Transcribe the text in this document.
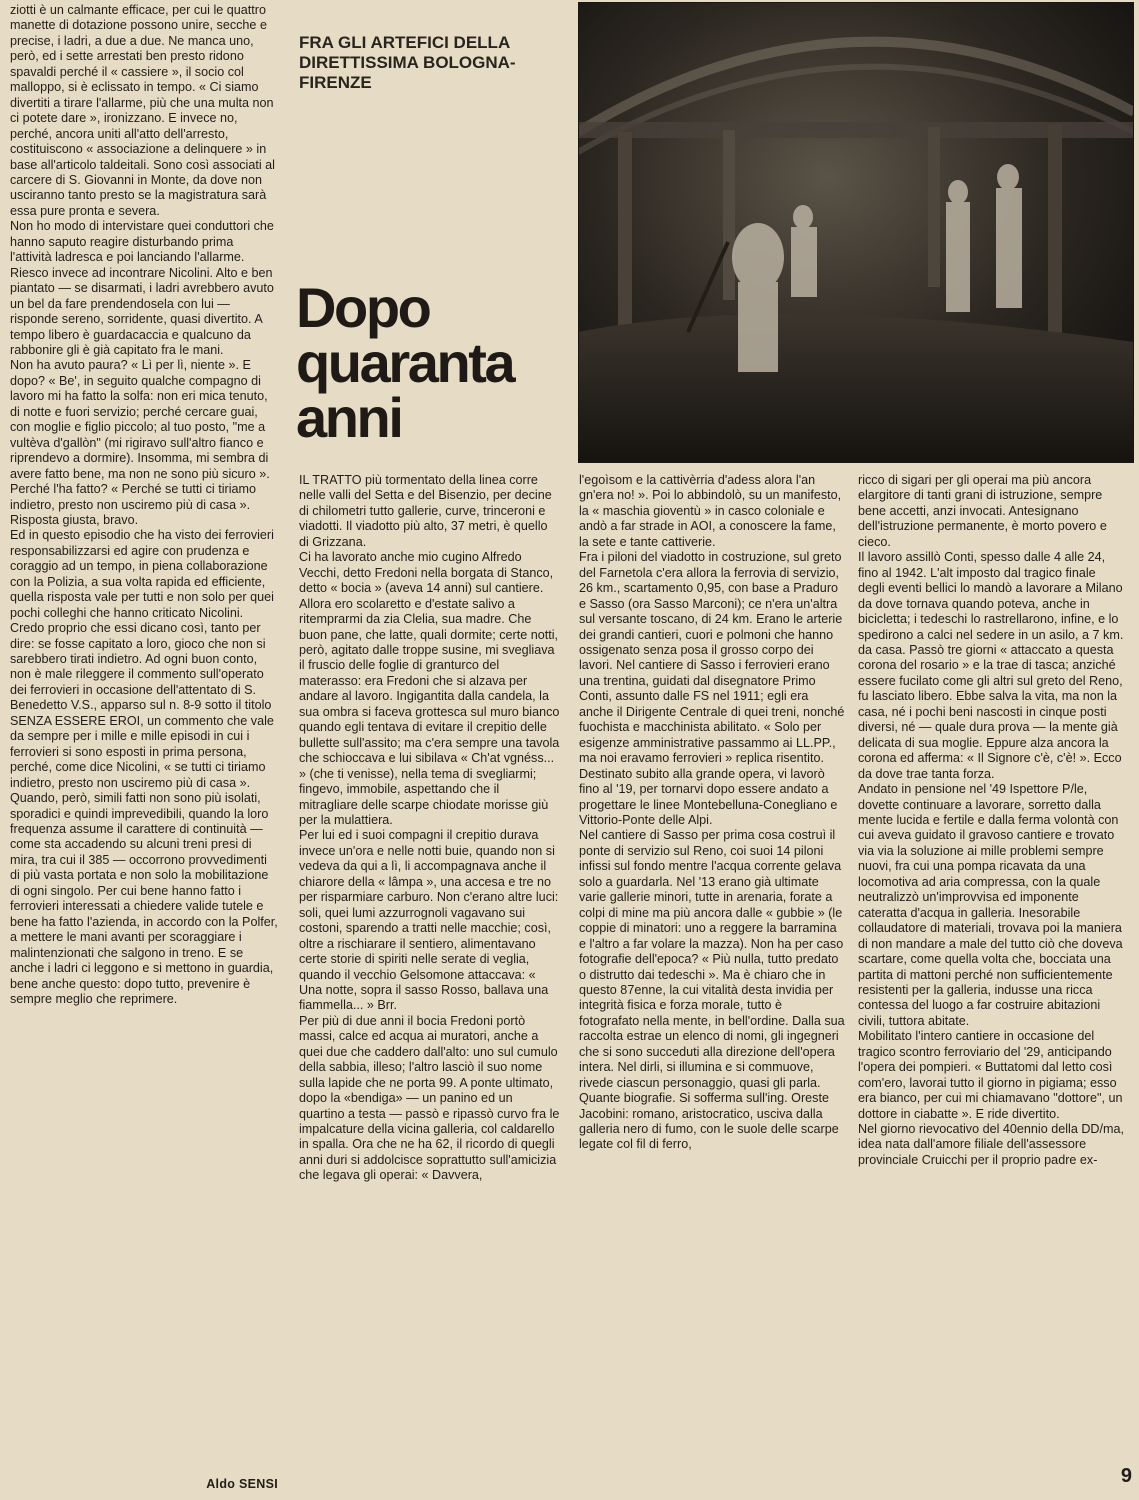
ziotti è un calmante efficace, per cui le quattro manette di dotazione possono unire, secche e precise, i ladri, a due a due. Ne manca uno, però, ed i sette arrestati ben presto ridono spavaldi perché il « cassiere », il socio col malloppo, si è eclissato in tempo. « Ci siamo divertiti a tirare l'allarme, più che una multa non ci potete dare », ironizzano. E invece no, perché, ancora uniti all'atto dell'arresto, costituiscono « associazione a delinquere » in base all'articolo taldeitali. Sono così associati al carcere di S. Giovanni in Monte, da dove non usciranno tanto presto se la magistratura sarà essa pure pronta e severa.
Non ho modo di intervistare quei conduttori che hanno saputo reagire disturbando prima l'attività ladresca e poi lanciando l'allarme. Riesco invece ad incontrare Nicolini. Alto e ben piantato — se disarmati, i ladri avrebbero avuto un bel da fare prendendosela con lui — risponde sereno, sorridente, quasi divertito. A tempo libero è guardacaccia e qualcuno da rabbonire gli è già capitato fra le mani.
Non ha avuto paura? « Lì per lì, niente ». E dopo? « Be', in seguito qualche compagno di lavoro mi ha fatto la solfa: non eri mica tenuto, di notte e fuori servizio; perché cercare guai, con moglie e figlio piccolo; al tuo posto, "me a vultèva d'gallòn" (mi rigiravo sull'altro fianco e riprendevo a dormire). Insomma, mi sembra di avere fatto bene, ma non ne sono più sicuro ». Perché l'ha fatto? « Perché se tutti ci tiriamo indietro, presto non usciremo più di casa ». Risposta giusta, bravo.
Ed in questo episodio che ha visto dei ferrovieri responsabilizzarsi ed agire con prudenza e coraggio ad un tempo, in piena collaborazione con la Polizia, a sua volta rapida ed efficiente, quella risposta vale per tutti e non solo per quei pochi colleghi che hanno criticato Nicolini. Credo proprio che essi dicano così, tanto per dire: se fosse capitato a loro, gioco che non si sarebbero tirati indietro. Ad ogni buon conto, non è male rileggere il commento sull'operato dei ferrovieri in occasione dell'attentato di S. Benedetto V.S., apparso sul n. 8-9 sotto il titolo SENZA ESSERE EROI, un commento che vale da sempre per i mille e mille episodi in cui i ferrovieri si sono esposti in prima persona, perché, come dice Nicolini, « se tutti ci tiriamo indietro, presto non usciremo più di casa ».
Quando, però, simili fatti non sono più isolati, sporadici e quindi imprevedibili, quando la loro frequenza assume il carattere di continuità — come sta accadendo su alcuni treni presi di mira, tra cui il 385 — occorrono provvedimenti di più vasta portata e non solo la mobilitazione di ogni singolo. Per cui bene hanno fatto i ferrovieri interessati a chiedere valide tutele e bene ha fatto l'azienda, in accordo con la Polfer, a mettere le mani avanti per scoraggiare i malintenzionati che salgono in treno. E se anche i ladri ci leggono e si mettono in guardia, bene anche questo: dopo tutto, prevenire è sempre meglio che reprimere.

FRA GLI ARTEFICI DELLA DIRETTISSIMA BOLOGNA-FIRENZE
Dopo quaranta anni

IL TRATTO più tormentato della linea corre nelle valli del Setta e del Bisenzio, per decine di chilometri tutto gallerie, curve, trinceroni e viadotti. Il viadotto più alto, 37 metri, è quello di Grizzana.
Ci ha lavorato anche mio cugino Alfredo Vecchi, detto Fredoni nella borgata di Stanco, detto « bocia » (aveva 14 anni) sul cantiere. Allora ero scolaretto e d'estate salivo a ritemprarmi da zia Clelia, sua madre. Che buon pane, che latte, quali dormite; certe notti, però, agitato dalle troppe susine, mi svegliava il fruscio delle foglie di granturco del materasso: era Fredoni che si alzava per andare al lavoro. Ingigantita dalla candela, la sua ombra si faceva grottesca sul muro bianco quando egli tentava di evitare il crepitio delle bullette sull'assito; ma c'era sempre una tavola che schioccava e lui sibilava « Ch'at vgnéss... » (che ti venisse), nella tema di svegliarmi; fingevo, immobile, aspettando che il mitragliare delle scarpe chiodate morisse giù per la mulattiera.
Per lui ed i suoi compagni il crepitio durava invece un'ora e nelle notti buie, quando non si vedeva da qui a lì, li accompagnava anche il chiarore della « lâmpa », una accesa e tre no per risparmiare carburo. Non c'erano altre luci: soli, quei lumi azzurrognoli vagavano sui costoni, sparendo a tratti nelle macchie; così, oltre a rischiarare il sentiero, alimentavano certe storie di spiriti nelle serate di veglia, quando il vecchio Gelsomone attaccava: « Una notte, sopra il sasso Rosso, ballava una fiammella... » Brr.
Per più di due anni il bocia Fredoni portò massi, calce ed acqua ai muratori, anche a quei due che caddero dall'alto: uno sul cumulo della sabbia, illeso; l'altro lasciò il suo nome sulla lapide che ne porta 99. A ponte ultimato, dopo la «bendiga» — un panino ed un quartino a testa — passò e ripassò curvo fra le impalcature della vicina galleria, col caldarello in spalla. Ora che ne ha 62, il ricordo di quegli anni duri si addolcisce soprattutto sull'amicizia che legava gli operai: « Davvera,

l'egoìsom e la cattivèrria d'adess alora l'an gn'era no! ». Poi lo abbindolò, su un manifesto, la « maschia gioventù » in casco coloniale e andò a far strade in AOI, a conoscere la fame, la sete e tante cattiverie.
Fra i piloni del viadotto in costruzione, sul greto del Farnetola c'era allora la ferrovia di servizio, 26 km., scartamento 0,95, con base a Praduro e Sasso (ora Sasso Marconi); ce n'era un'altra sul versante toscano, di 24 km. Erano le arterie dei grandi cantieri, cuori e polmoni che hanno ossigenato senza posa il grosso corpo dei lavori. Nel cantiere di Sasso i ferrovieri erano una trentina, guidati dal disegnatore Primo Conti, assunto dalle FS nel 1911; egli era anche il Dirigente Centrale di quei treni, nonché fuochista e macchinista abilitato. « Solo per esigenze amministrative passammo ai LL.PP., ma noi eravamo ferrovieri » replica risentito. Destinato subito alla grande opera, vi lavorò fino al '19, per tornarvi dopo essere andato a progettare le linee Montebelluna-Conegliano e Vittorio-Ponte delle Alpi.
Nel cantiere di Sasso per prima cosa costruì il ponte di servizio sul Reno, coi suoi 14 piloni infissi sul fondo mentre l'acqua corrente gelava solo a guardarla. Nel '13 erano già ultimate varie gallerie minori, tutte in arenaria, forate a colpi di mine ma più ancora dalle « gubbie » (le coppie di minatori: uno a reggere la barramina e l'altro a far volare la mazza). Non ha per caso fotografie dell'epoca? « Più nulla, tutto predato o distrutto dai tedeschi ». Ma è chiaro che in questo 87enne, la cui vitalità desta invidia per integrità fisica e forza morale, tutto è fotografato nella mente, in bell'ordine. Dalla sua raccolta estrae un elenco di nomi, gli ingegneri che si sono succeduti alla direzione dell'opera intera. Nel dirli, si illumina e si commuove, rivede ciascun personaggio, quasi gli parla. Quante biografie. Si sofferma sull'ing. Oreste Jacobini: romano, aristocratico, usciva dalla galleria nero di fumo, con le suole delle scarpe legate col fil di ferro,

ricco di sigari per gli operai ma più ancora elargitore di tanti grani di istruzione, sempre bene accetti, anzi invocati. Antesignano dell'istruzione permanente, è morto povero e cieco.
Il lavoro assillò Conti, spesso dalle 4 alle 24, fino al 1942. L'alt imposto dal tragico finale degli eventi bellici lo mandò a lavorare a Milano da dove tornava quando poteva, anche in bicicletta; i tedeschi lo rastrellarono, infine, e lo spedirono a calci nel sedere in un asilo, a 7 km. da casa. Passò tre giorni « attaccato a questa corona del rosario » e la trae di tasca; anziché essere fucilato come gli altri sul greto del Reno, fu lasciato libero. Ebbe salva la vita, ma non la casa, né i pochi beni nascosti in cinque posti diversi, né — quale dura prova — la mente già delicata di sua moglie. Eppure alza ancora la corona ed afferma: « Il Signore c'è, c'è! ». Ecco da dove trae tanta forza.
Andato in pensione nel '49 Ispettore P/le, dovette continuare a lavorare, sorretto dalla mente lucida e fertile e dalla ferma volontà con cui aveva guidato il gravoso cantiere e trovato via via la soluzione ai mille problemi sempre nuovi, fra cui una pompa ricavata da una locomotiva ad aria compressa, con la quale neutralizzò un'improvvisa ed imponente cateratta d'acqua in galleria. Inesorabile collaudatore di materiali, trovava poi la maniera di non mandare a male del tutto ciò che doveva scartare, come quella volta che, bocciata una partita di mattoni perché non sufficientemente resistenti per la galleria, indusse una ricca contessa del luogo a far costruire abitazioni civili, tuttora abitate.
Mobilitato l'intero cantiere in occasione del tragico scontro ferroviario del '29, anticipando l'opera dei pompieri. « Buttatomi dal letto così com'ero, lavorai tutto il giorno in pigiama; esso era bianco, per cui mi chiamavano "dottore", un dottore in ciabatte ». E ride divertito.
Nel giorno rievocativo del 40ennio della DD/ma, idea nata dall'amore filiale dell'assessore provinciale Cruicchi per il proprio padre ex-

Aldo SENSI	9
